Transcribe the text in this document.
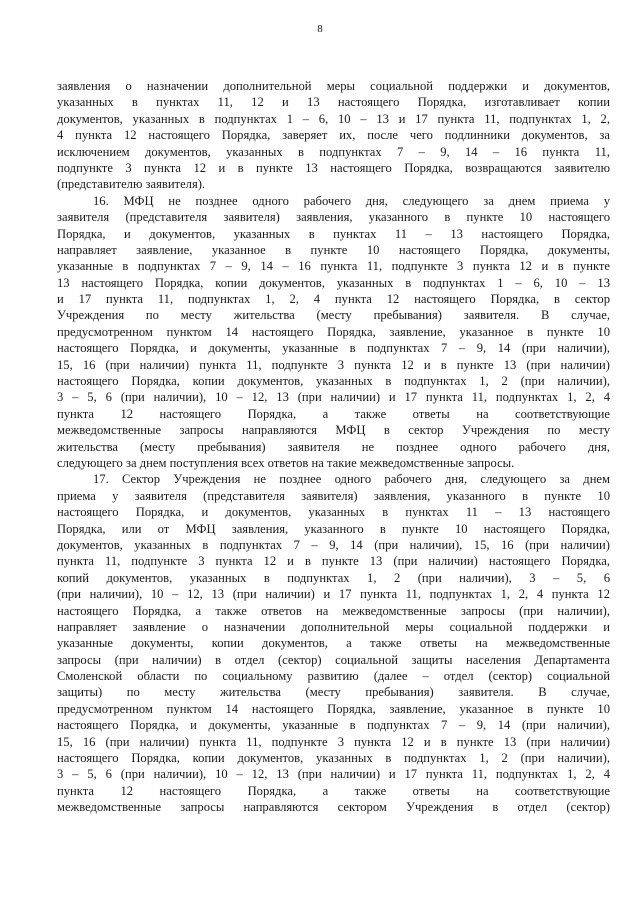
8
заявления о назначении дополнительной меры социальной поддержки и документов,
указанных в пунктах 11, 12 и 13 настоящего Порядка, изготавливает копии
документов, указанных в подпунктах 1 – 6, 10 – 13 и 17 пункта 11, подпунктах 1, 2,
4 пункта 12 настоящего Порядка, заверяет их, после чего подлинники документов, за
исключением документов, указанных в подпунктах 7 – 9, 14 – 16 пункта 11,
подпункте 3 пункта 12 и в пункте 13 настоящего Порядка, возвращаются заявителю
(представителю заявителя).
16. МФЦ не позднее одного рабочего дня, следующего за днем приема у
заявителя (представителя заявителя) заявления, указанного в пункте 10 настоящего
Порядка, и документов, указанных в пунктах 11 – 13 настоящего Порядка,
направляет заявление, указанное в пункте 10 настоящего Порядка, документы,
указанные в подпунктах 7 – 9, 14 – 16 пункта 11, подпункте 3 пункта 12 и в пункте
13 настоящего Порядка, копии документов, указанных в подпунктах 1 – 6, 10 – 13
и 17 пункта 11, подпунктах 1, 2, 4 пункта 12 настоящего Порядка, в сектор
Учреждения по месту жительства (месту пребывания) заявителя. В случае,
предусмотренном пунктом 14 настоящего Порядка, заявление, указанное в пункте 10
настоящего Порядка, и документы, указанные в подпунктах 7 – 9, 14 (при наличии),
15, 16 (при наличии) пункта 11, подпункте 3 пункта 12 и в пункте 13 (при наличии)
настоящего Порядка, копии документов, указанных в подпунктах 1, 2 (при наличии),
3 – 5, 6 (при наличии), 10 – 12, 13 (при наличии) и 17 пункта 11, подпунктах 1, 2, 4
пункта 12 настоящего Порядка, а также ответы на соответствующие
межведомственные запросы направляются МФЦ в сектор Учреждения по месту
жительства (месту пребывания) заявителя не позднее одного рабочего дня,
следующего за днем поступления всех ответов на такие межведомственные запросы.
17. Сектор Учреждения не позднее одного рабочего дня, следующего за днем
приема у заявителя (представителя заявителя) заявления, указанного в пункте 10
настоящего Порядка, и документов, указанных в пунктах 11 – 13 настоящего
Порядка, или от МФЦ заявления, указанного в пункте 10 настоящего Порядка,
документов, указанных в подпунктах 7 – 9, 14 (при наличии), 15, 16 (при наличии)
пункта 11, подпункте 3 пункта 12 и в пункте 13 (при наличии) настоящего Порядка,
копий документов, указанных в подпунктах 1, 2 (при наличии), 3 – 5, 6
(при наличии), 10 – 12, 13 (при наличии) и 17 пункта 11, подпунктах 1, 2, 4 пункта 12
настоящего Порядка, а также ответов на межведомственные запросы (при наличии),
направляет заявление о назначении дополнительной меры социальной поддержки и
указанные документы, копии документов, а также ответы на межведомственные
запросы (при наличии) в отдел (сектор) социальной защиты населения Департамента
Смоленской области по социальному развитию (далее – отдел (сектор) социальной
защиты) по месту жительства (месту пребывания) заявителя. В случае,
предусмотренном пунктом 14 настоящего Порядка, заявление, указанное в пункте 10
настоящего Порядка, и документы, указанные в подпунктах 7 – 9, 14 (при наличии),
15, 16 (при наличии) пункта 11, подпункте 3 пункта 12 и в пункте 13 (при наличии)
настоящего Порядка, копии документов, указанных в подпунктах 1, 2 (при наличии),
3 – 5, 6 (при наличии), 10 – 12, 13 (при наличии) и 17 пункта 11, подпунктах 1, 2, 4
пункта 12 настоящего Порядка, а также ответы на соответствующие
межведомственные запросы направляются сектором Учреждения в отдел (сектор)
